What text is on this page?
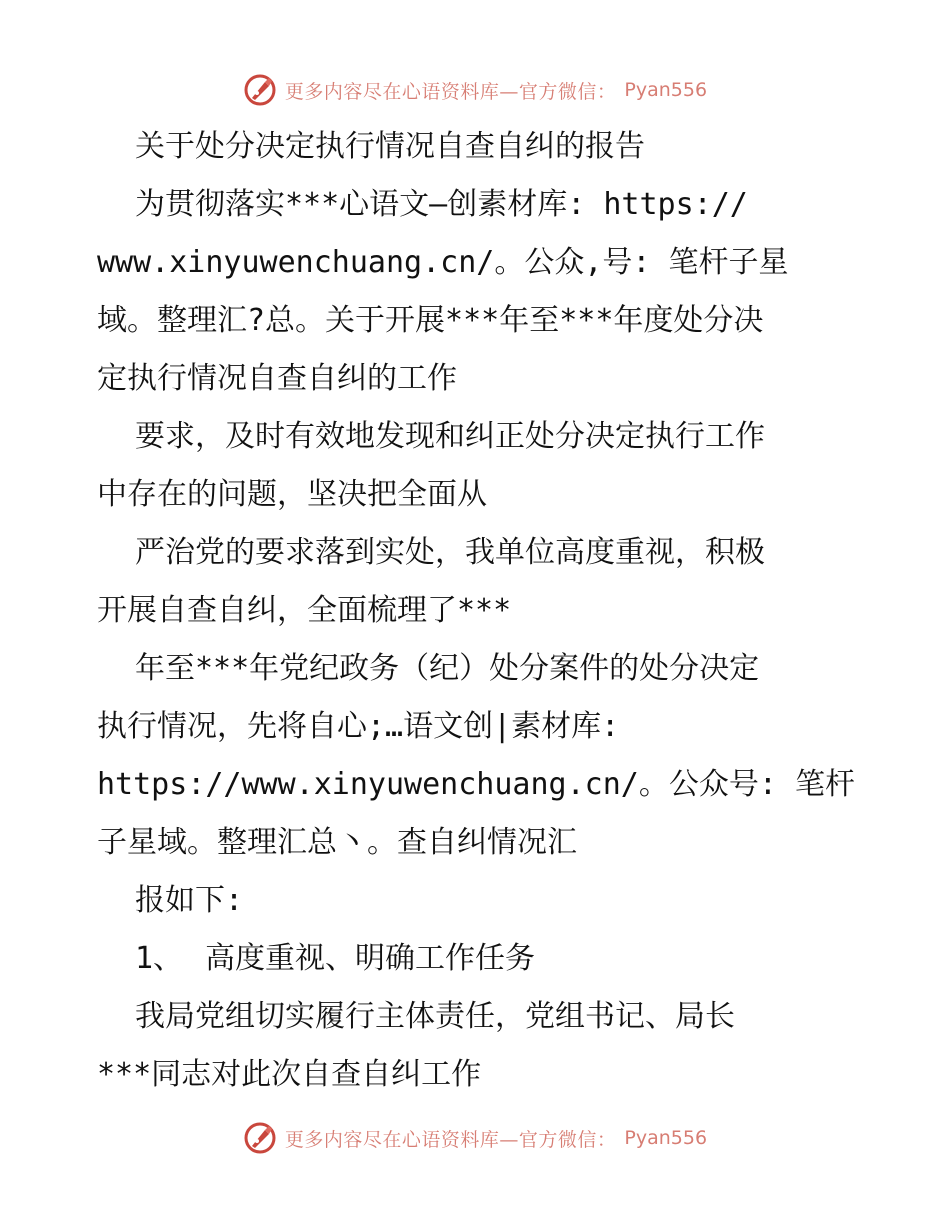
更多内容尽在心语资料库—官方微信： Pyan556
关于处分决定执行情况自查自纠的报告
为贯彻落实***心语文—创素材库: https://
www.xinyuwenchuang.cn/。公众,号: 笔杆子星
域。整理汇?总。关于开展***年至***年度处分决
定执行情况自查自纠的工作
要求，及时有效地发现和纠正处分决定执行工作
中存在的问题，坚决把全面从
严治党的要求落到实处，我单位高度重视，积极
开展自查自纠，全面梳理了***
年至***年党纪政务（纪）处分案件的处分决定
执行情况，先将自心;…语文创|素材库:
https://www.xinyuwenchuang.cn/。公众号: 笔杆
子星域。整理汇总丶。查自纠情况汇
报如下:
1、 高度重视、明确工作任务
我局党组切实履行主体责任，党组书记、局长
***同志对此次自查自纠工作
更多内容尽在心语资料库—官方微信： Pyan556
